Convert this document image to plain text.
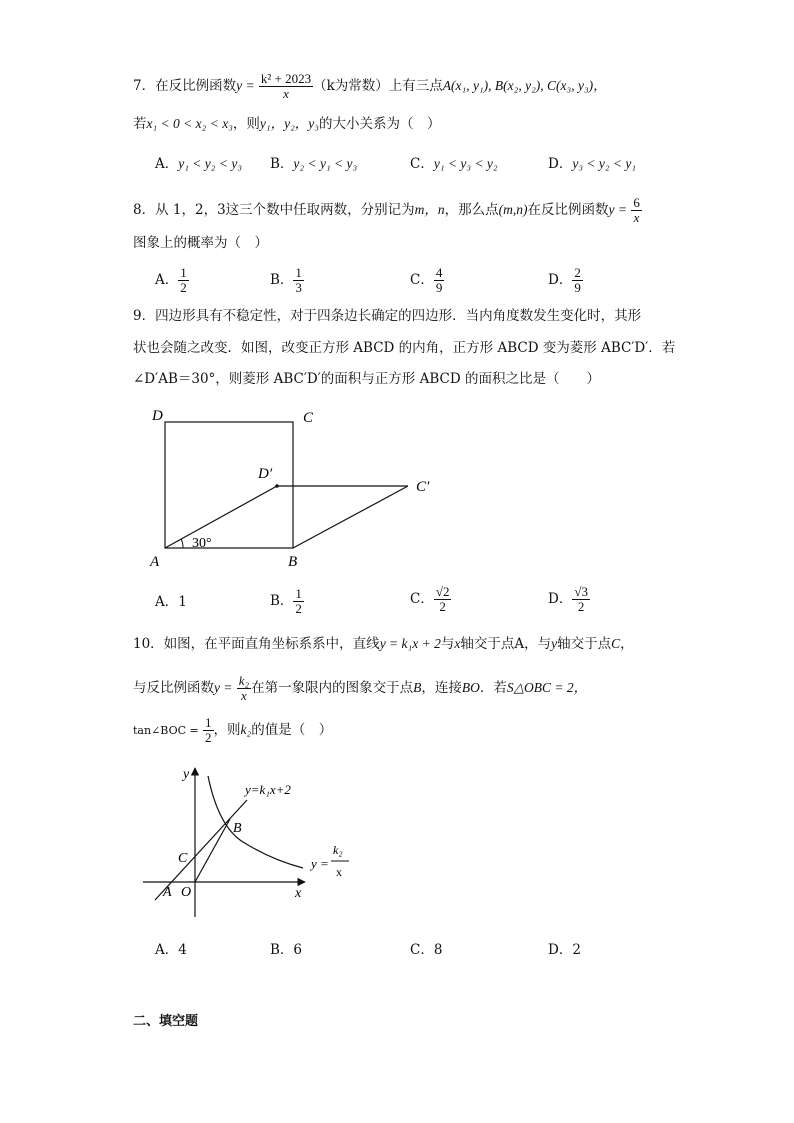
7．在反比例函数$y = \frac{\text{k² + 2023}}{x} (k$为常数）上有三点A(x₁, y₁), B(x₂, y₂), C(x₃, y₃)，
若x₁ < 0 < x₂ < x₃，则y₁，y₂，y₃的大小关系为（　）
A．y₁ < y₂ < y₃ B．y₂ < y₁ < y₃	C．y₁ < y₃ < y₂	D．y₃ < y₂ < y₁
8．从 1，2，3这三个数中任取两数，分别记为m，n，那么点(m,n)在反比例函数$y = \frac{6}{x}$
图象上的概率为（　）
A． $\frac{1}{2}$	B． $\frac{1}{3}$	C． $\frac{4}{9}$	D． $\frac{2}{9}$
9．四边形具有不稳定性，对于四条边长确定的四边形．当内角度数发生变化时，其形
状也会随之改变．如图，改变正方形 ABCD 的内角，正方形 ABCD 变为菱形 ABC′D′．若
∠D′AB＝30°，则菱形 ABC′D′的面积与正方形 ABCD 的面积之比是（　　）
D	C
D′
C′
A	B
30°
A．1	B． $\frac{1}{2}$	C． $\frac{√2}{2}$	D． $\frac{√3}{2}$
10．如图，在平面直角坐标系系中，直线y = k₁x + 2与x轴交于点A，与y轴交于点C，
与反比例函数$y = \frac{\text{k₂}}{x}$ 在第一象限内的图象交于点B，连接BO．若S△OBC = 2，
tan∠BOC = $\frac{1}{2}$ ，则k₂的值是（　）
y
x
O
A
C
B
y=k₁x+2
y =
k₂
x
A．4	B．6	C．8	D．2
二、填空题
